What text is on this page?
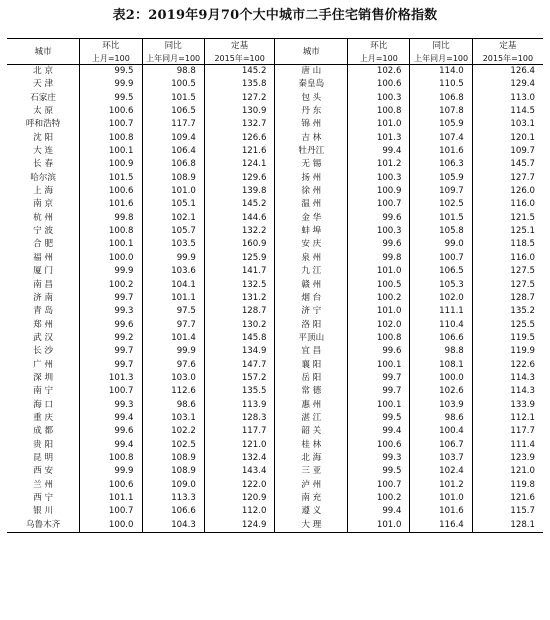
表2：2019年9月70个大中城市二手住宅销售价格指数
城市	环比	同比	定基	城市	环比	同比	定基
	上月=100	上年同月=100	2015年=100		上月=100	上年同月=100	2015年=100
北 京	99.5	98.8	145.2	唐 山	102.6	114.0	126.4
天 津	99.9	100.5	135.8	秦皇岛	100.6	110.5	129.4
石家庄	99.5	101.5	127.2	包 头	100.3	106.8	113.0
太 原	100.6	106.5	130.9	丹 东	100.8	107.8	114.5
呼和浩特	100.7	117.7	132.7	锦 州	101.0	105.9	103.1
沈 阳	100.8	109.4	126.6	吉 林	101.3	107.4	120.1
大 连	100.1	106.4	121.6	牡丹江	99.4	101.6	109.7
长 春	100.9	106.8	124.1	无 锡	101.2	106.3	145.7
哈尔滨	101.5	108.9	129.6	扬 州	100.3	105.9	127.7
上 海	100.6	101.0	139.8	徐 州	100.9	109.7	126.0
南 京	101.6	105.1	145.2	温 州	100.7	102.5	116.0
杭 州	99.8	102.1	144.6	金 华	99.6	101.5	121.5
宁 波	100.8	105.7	132.2	蚌 埠	100.3	105.8	125.1
合 肥	100.1	103.5	160.9	安 庆	99.6	99.0	118.5
福 州	100.0	99.9	125.9	泉 州	99.8	100.7	116.0
厦 门	99.9	103.6	141.7	九 江	101.0	106.5	127.5
南 昌	100.2	104.1	132.5	赣 州	100.5	105.3	127.5
济 南	99.7	101.1	131.2	烟 台	100.2	102.0	128.7
青 岛	99.3	97.5	128.7	济 宁	101.0	111.1	135.2
郑 州	99.6	97.7	130.2	洛 阳	102.0	110.4	125.5
武 汉	99.2	101.4	145.8	平顶山	100.8	106.6	119.5
长 沙	99.7	99.9	134.9	宜 昌	99.6	98.8	119.9
广 州	99.7	97.6	147.7	襄 阳	100.1	108.1	122.6
深 圳	101.3	103.0	157.2	岳 阳	99.7	100.0	114.3
南 宁	100.7	112.6	135.5	常 德	99.7	102.6	114.3
海 口	99.3	98.6	113.9	惠 州	100.1	103.9	133.9
重 庆	99.4	103.1	128.3	湛 江	99.5	98.6	112.1
成 都	99.6	102.2	117.7	韶 关	99.4	100.4	117.7
贵 阳	99.4	102.5	121.0	桂 林	100.6	106.7	111.4
昆 明	100.8	108.9	132.4	北 海	99.3	103.7	123.9
西 安	99.9	108.9	143.4	三 亚	99.5	102.4	121.0
兰 州	100.6	109.0	122.0	泸 州	100.7	101.2	119.8
西 宁	101.1	113.3	120.9	南 充	100.2	101.0	121.6
银 川	100.7	106.6	112.0	遵 义	99.4	101.6	115.7
乌鲁木齐	100.0	104.3	124.9	大 理	101.0	116.4	128.1
